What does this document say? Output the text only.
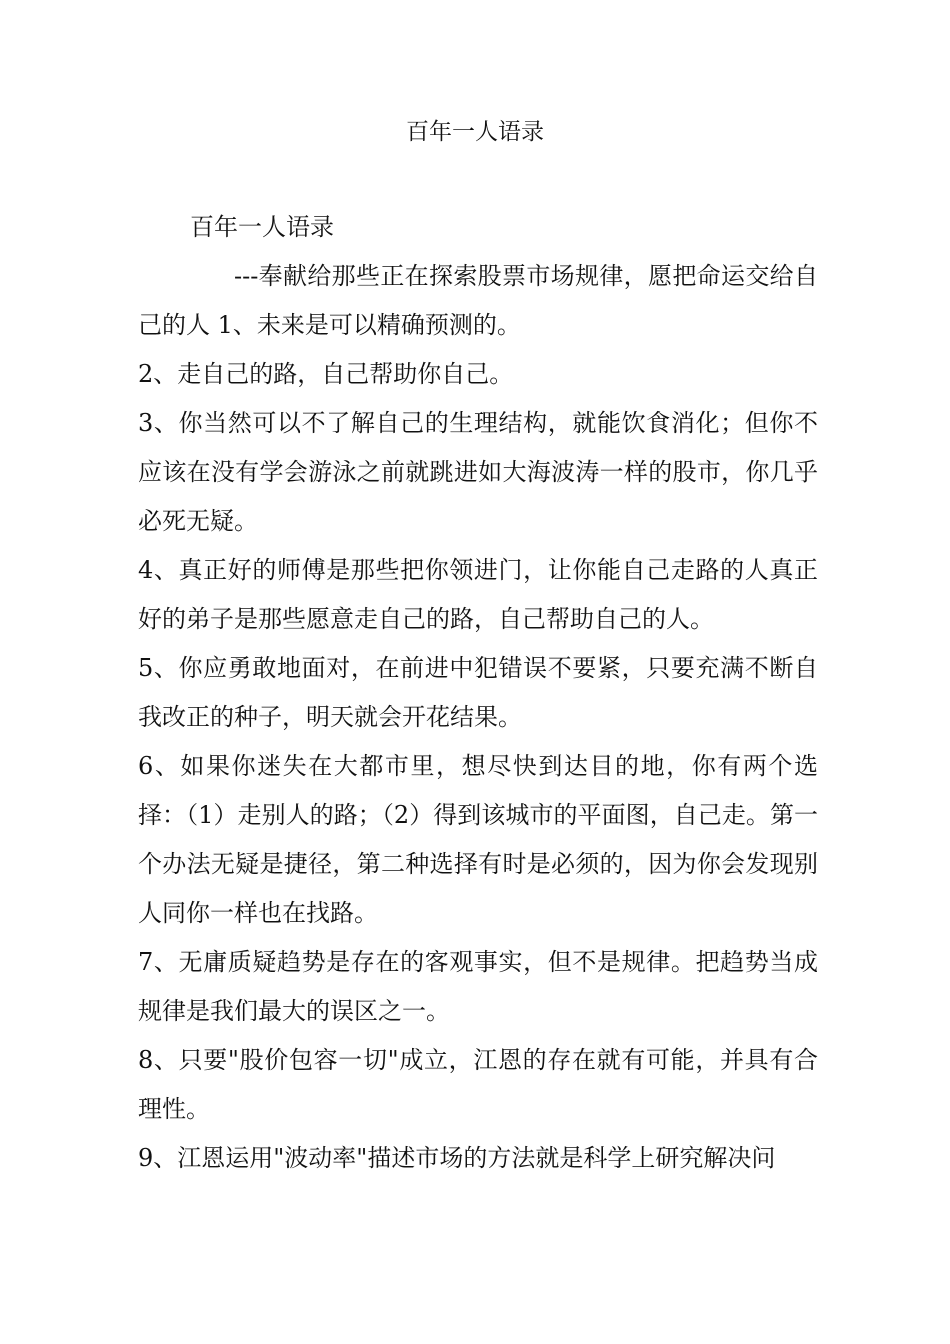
百年一人语录

百年一人语录

---奉献给那些正在探索股票市场规律，愿把命运交给自己的人 1、未来是可以精确预测的。

2、走自己的路，自己帮助你自己。

3、你当然可以不了解自己的生理结构，就能饮食消化；但你不应该在没有学会游泳之前就跳进如大海波涛一样的股市，你几乎必死无疑。

4、真正好的师傅是那些把你领进门，让你能自己走路的人真正好的弟子是那些愿意走自己的路，自己帮助自己的人。

5、你应勇敢地面对，在前进中犯错误不要紧，只要充满不断自我改正的种子，明天就会开花结果。

6、如果你迷失在大都市里，想尽快到达目的地，你有两个选择：（1）走别人的路；（2）得到该城市的平面图，自己走。第一个办法无疑是捷径，第二种选择有时是必须的，因为你会发现别人同你一样也在找路。

7、无庸质疑趋势是存在的客观事实，但不是规律。把趋势当成规律是我们最大的误区之一。

8、只要"股价包容一切"成立，江恩的存在就有可能，并具有合理性。

9、江恩运用"波动率"描述市场的方法就是科学上研究解决问
